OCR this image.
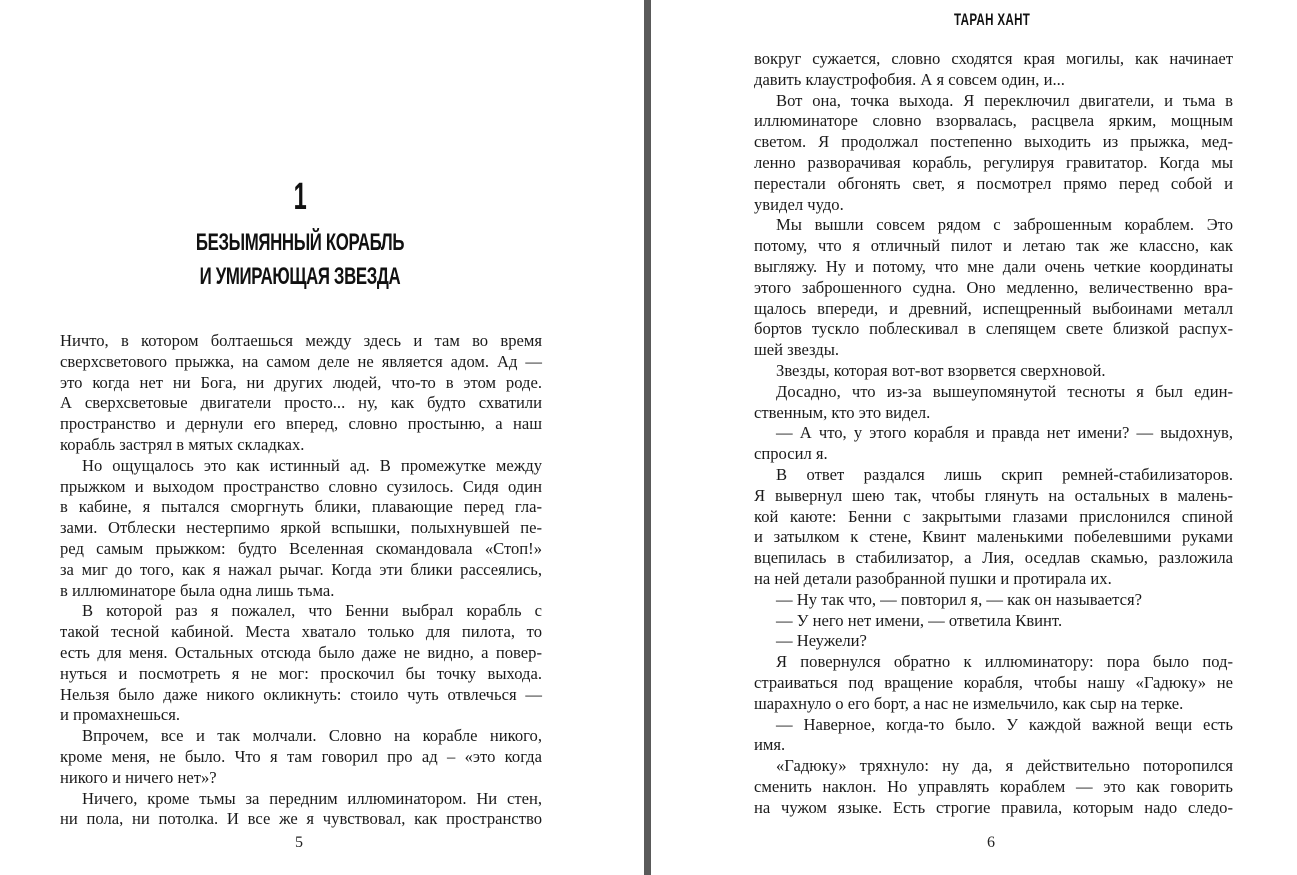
1
БЕЗЫМЯННЫЙ КОРАБЛЬ
И УМИРАЮЩАЯ ЗВЕЗДА
Ничто, в котором болтаешься между здесь и там во время
сверхсветового прыжка, на самом деле не является адом. Ад —
это когда нет ни Бога, ни других людей, что-то в этом роде.
А сверхсветовые двигатели просто... ну, как будто схватили
пространство и дернули его вперед, словно простыню, а наш
корабль застрял в мятых складках.
Но ощущалось это как истинный ад. В промежутке между
прыжком и выходом пространство словно сузилось. Сидя один
в кабине, я пытался сморгнуть блики, плавающие перед гла-
зами. Отблески нестерпимо яркой вспышки, полыхнувшей пе-
ред самым прыжком: будто Вселенная скомандовала «Стоп!»
за миг до того, как я нажал рычаг. Когда эти блики рассеялись,
в иллюминаторе была одна лишь тьма.
В которой раз я пожалел, что Бенни выбрал корабль с
такой тесной кабиной. Места хватало только для пилота, то
есть для меня. Остальных отсюда было даже не видно, а повер-
нуться и посмотреть я не мог: проскочил бы точку выхода.
Нельзя было даже никого окликнуть: стоило чуть отвлечься —
и промахнешься.
Впрочем, все и так молчали. Словно на корабле никого,
кроме меня, не было. Что я там говорил про ад – «это когда
никого и ничего нет»?
Ничего, кроме тьмы за передним иллюминатором. Ни стен,
ни пола, ни потолка. И все же я чувствовал, как пространство
5
ТАРАН ХАНТ
вокруг сужается, словно сходятся края могилы, как начинает
давить клаустрофобия. А я совсем один, и...
Вот она, точка выхода. Я переключил двигатели, и тьма в
иллюминаторе словно взорвалась, расцвела ярким, мощным
светом. Я продолжал постепенно выходить из прыжка, мед-
ленно разворачивая корабль, регулируя гравитатор. Когда мы
перестали обгонять свет, я посмотрел прямо перед собой и
увидел чудо.
Мы вышли совсем рядом с заброшенным кораблем. Это
потому, что я отличный пилот и летаю так же классно, как
выгляжу. Ну и потому, что мне дали очень четкие координаты
этого заброшенного судна. Оно медленно, величественно вра-
щалось впереди, и древний, испещренный выбоинами металл
бортов тускло поблескивал в слепящем свете близкой распух-
шей звезды.
Звезды, которая вот-вот взорвется сверхновой.
Досадно, что из-за вышеупомянутой тесноты я был един-
ственным, кто это видел.
— А что, у этого корабля и правда нет имени? — выдохнув,
спросил я.
В ответ раздался лишь скрип ремней-стабилизаторов.
Я вывернул шею так, чтобы глянуть на остальных в малень-
кой каюте: Бенни с закрытыми глазами прислонился спиной
и затылком к стене, Квинт маленькими побелевшими руками
вцепилась в стабилизатор, а Лия, оседлав скамью, разложила
на ней детали разобранной пушки и протирала их.
— Ну так что, — повторил я, — как он называется?
— У него нет имени, — ответила Квинт.
— Неужели?
Я повернулся обратно к иллюминатору: пора было под-
страиваться под вращение корабля, чтобы нашу «Гадюку» не
шарахнуло о его борт, а нас не измельчило, как сыр на терке.
— Наверное, когда-то было. У каждой важной вещи есть
имя.
«Гадюку» тряхнуло: ну да, я действительно поторопился
сменить наклон. Но управлять кораблем — это как говорить
на чужом языке. Есть строгие правила, которым надо следо-
6
